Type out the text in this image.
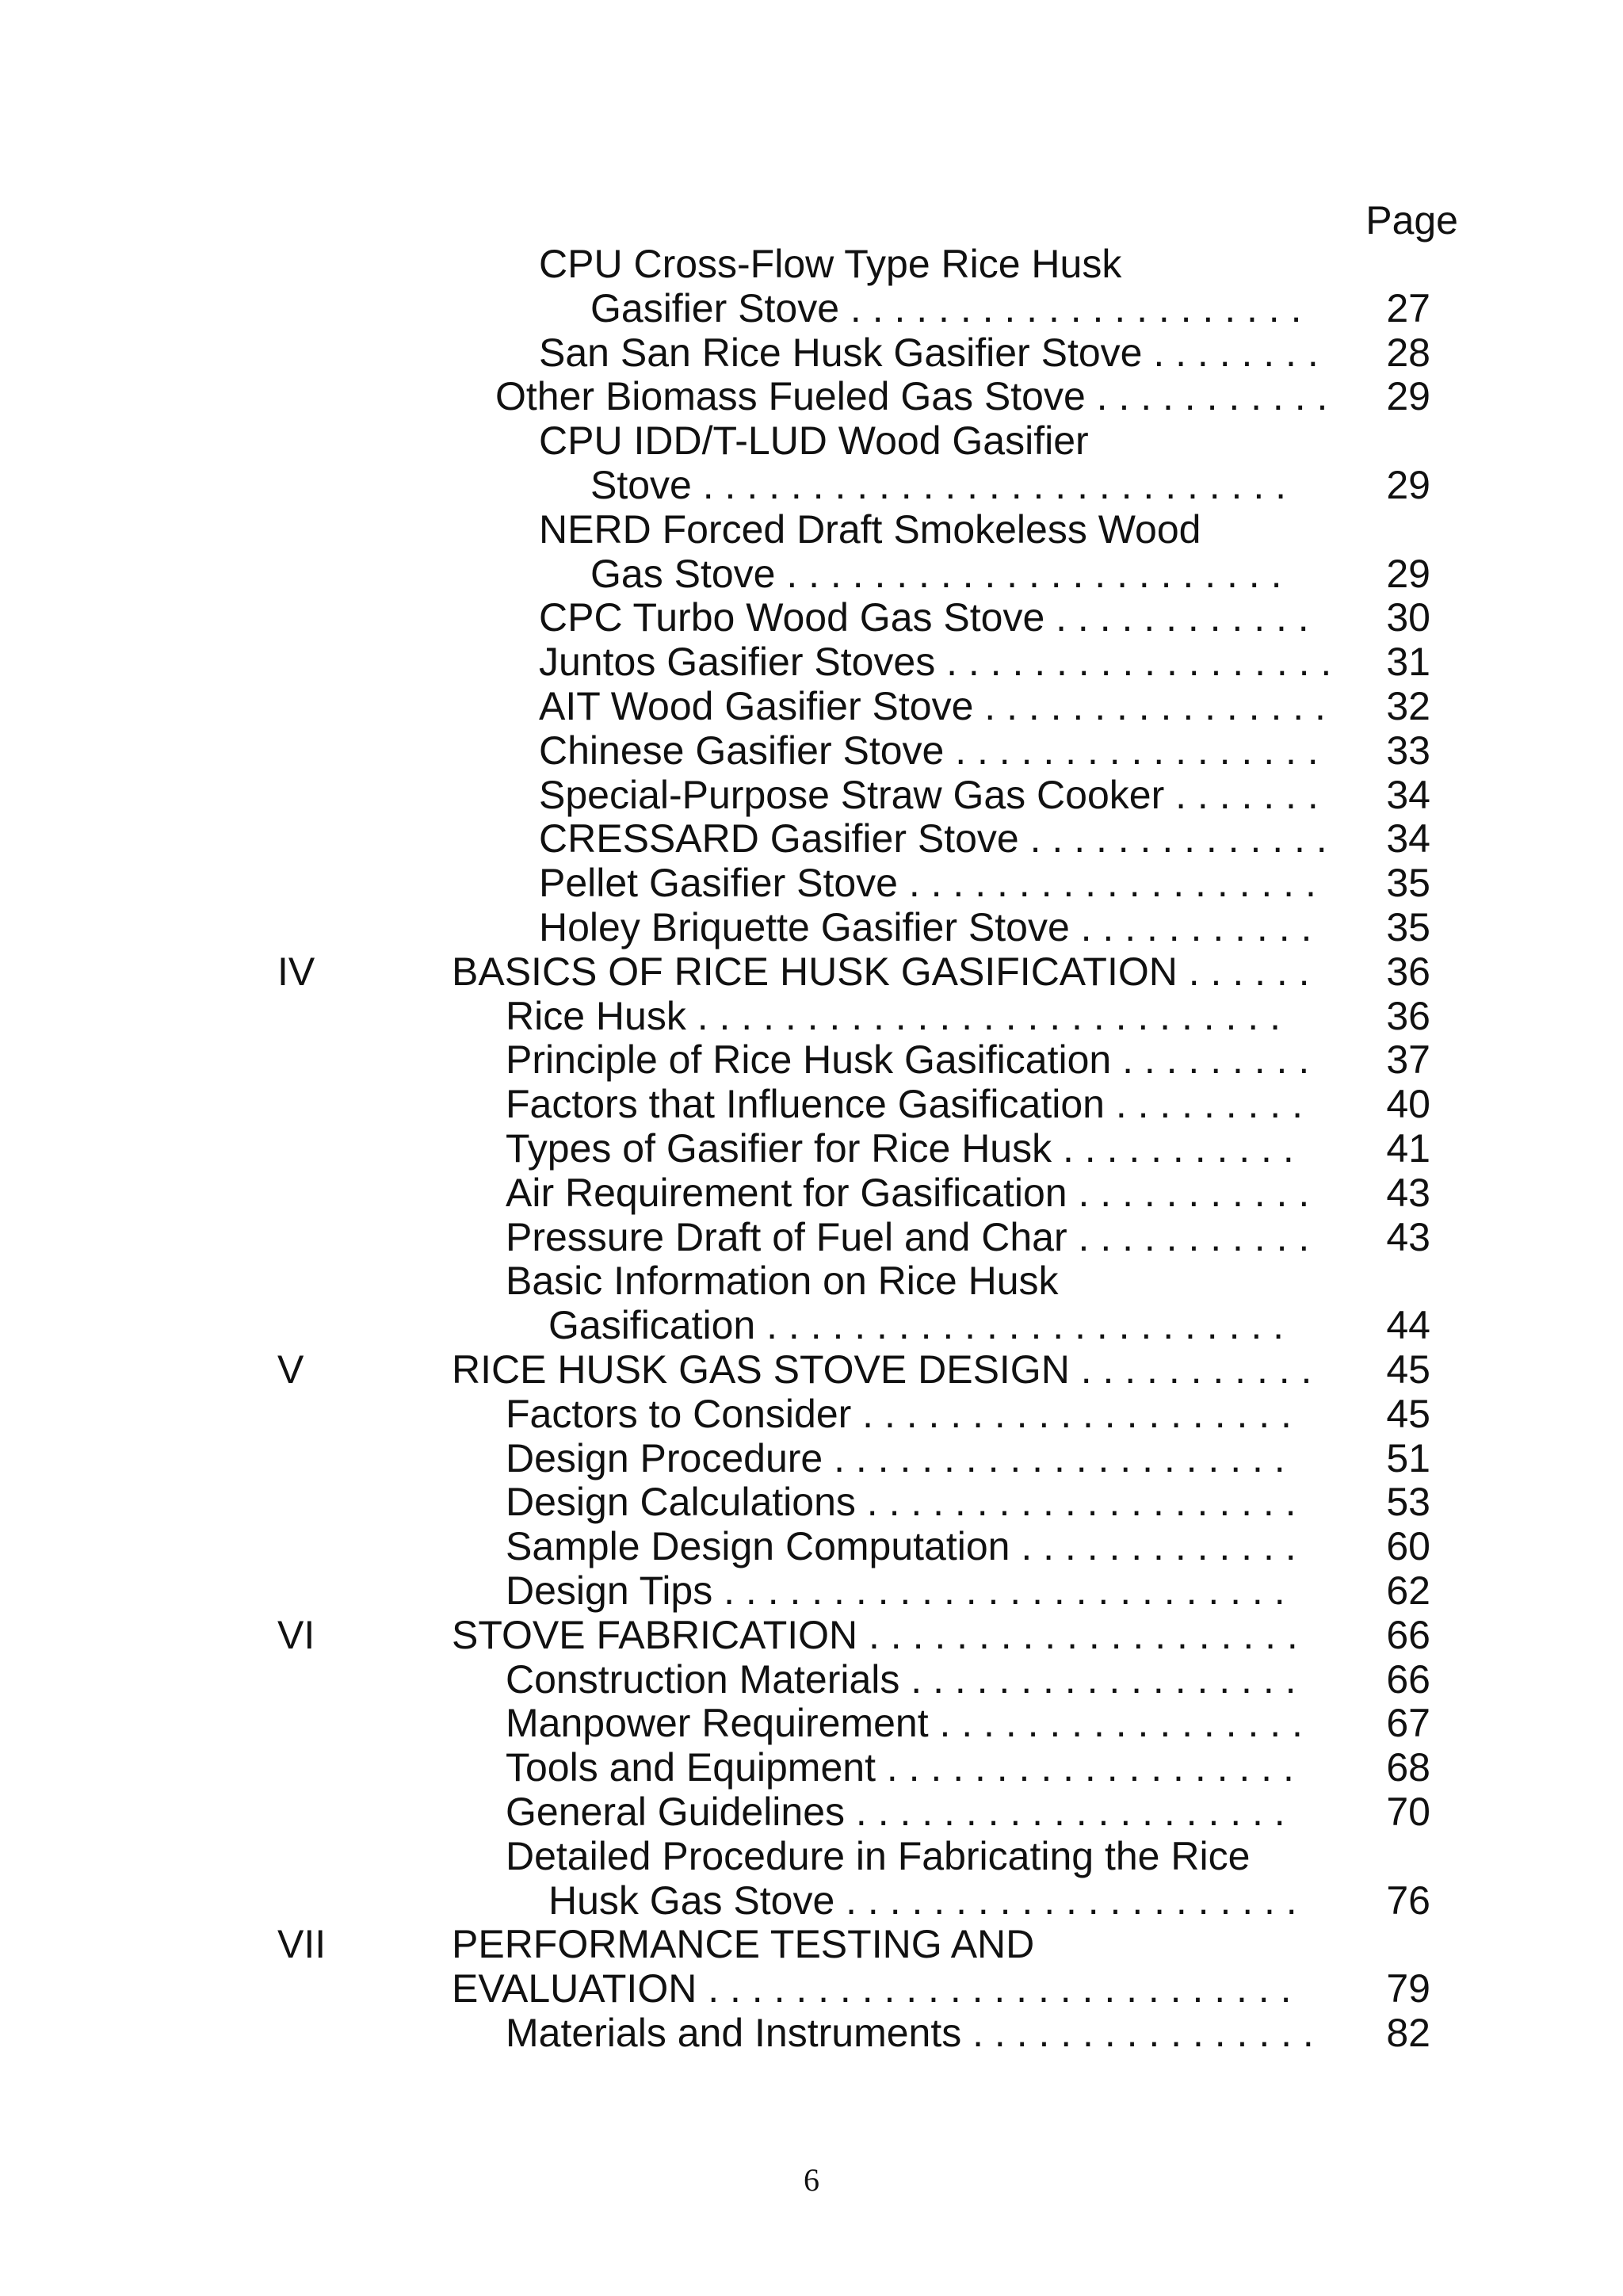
Page
CPU Cross-Flow Type Rice Husk
Gasifier Stove . . . . . . . . . . . . . . . . . . . . . 27
San San Rice Husk Gasifier Stove . . . . . . . . 28
Other Biomass Fueled Gas Stove . . . . . . . . . . . 29
CPU IDD/T-LUD Wood Gasifier
Stove . . . . . . . . . . . . . . . . . . . . . . . . . . .	29
NERD Forced Draft Smokeless Wood
Gas Stove . . . . . . . . . . . . . . . . . . . . . . .	29
CPC Turbo Wood Gas Stove . . . . . . . . . . . . 30
Juntos Gasifier Stoves . . . . . . . . . . . . . . . . . . 31
AIT Wood Gasifier Stove . . . . . . . . . . . . . . . . 32
Chinese Gasifier Stove . . . . . . . . . . . . . . . . . 33
Special-Purpose Straw Gas Cooker . . . . . . . 34
CRESSARD Gasifier Stove . . . . . . . . . . . . . . 34
Pellet Gasifier Stove . . . . . . . . . . . . . . . . . . . 35
Holey Briquette Gasifier Stove . . . . . . . . . . . 35
IV	BASICS OF RICE HUSK GASIFICATION . . . . . . 36
Rice Husk . . . . . . . . . . . . . . . . . . . . . . . . . . .	36
Principle of Rice Husk Gasification . . . . . . . . . 37
Factors that Influence Gasification . . . . . . . . . 40
Types of Gasifier for Rice Husk . . . . . . . . . . . 41
Air Requirement for Gasification . . . . . . . . . . . 43
Pressure Draft of Fuel and Char . . . . . . . . . . . 43
Basic Information on Rice Husk
Gasification . . . . . . . . . . . . . . . . . . . . . . . .	44
V	RICE HUSK GAS STOVE DESIGN . . . . . . . . . . . 45
Factors to Consider . . . . . . . . . . . . . . . . . . . . 45
Design Procedure . . . . . . . . . . . . . . . . . . . . .	51
Design Calculations . . . . . . . . . . . . . . . . . . . . 53
Sample Design Computation . . . . . . . . . . . . . 60
Design Tips . . . . . . . . . . . . . . . . . . . . . . . . . .	62
VI	STOVE FABRICATION . . . . . . . . . . . . . . . . . . . . 66
Construction Materials . . . . . . . . . . . . . . . . . . 66
Manpower Requirement . . . . . . . . . . . . . . . . . 67
Tools and Equipment . . . . . . . . . . . . . . . . . . . 68
General Guidelines . . . . . . . . . . . . . . . . . . . .	70
Detailed Procedure in Fabricating the Rice
Husk Gas Stove . . . . . . . . . . . . . . . . . . . . . 76
VII	PERFORMANCE TESTING AND
EVALUATION . . . . . . . . . . . . . . . . . . . . . . . . . . . 79
Materials and Instruments . . . . . . . . . . . . . . . . 82
6
